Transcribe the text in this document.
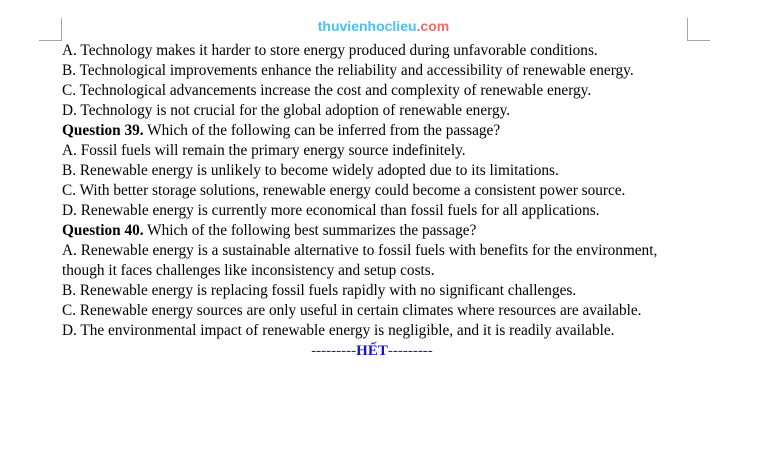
thuvienhoclieu.com

A. Technology makes it harder to store energy produced during unfavorable conditions.

B. Technological improvements enhance the reliability and accessibility of renewable energy.

C. Technological advancements increase the cost and complexity of renewable energy.

D. Technology is not crucial for the global adoption of renewable energy.

Question 39. Which of the following can be inferred from the passage?

A. Fossil fuels will remain the primary energy source indefinitely.

B. Renewable energy is unlikely to become widely adopted due to its limitations.

C. With better storage solutions, renewable energy could become a consistent power source.

D. Renewable energy is currently more economical than fossil fuels for all applications.

Question 40. Which of the following best summarizes the passage?

A. Renewable energy is a sustainable alternative to fossil fuels with benefits for the environment, though it faces challenges like inconsistency and setup costs.

B. Renewable energy is replacing fossil fuels rapidly with no significant challenges.

C. Renewable energy sources are only useful in certain climates where resources are available.

D. The environmental impact of renewable energy is negligible, and it is readily available.

---------HẾT---------
